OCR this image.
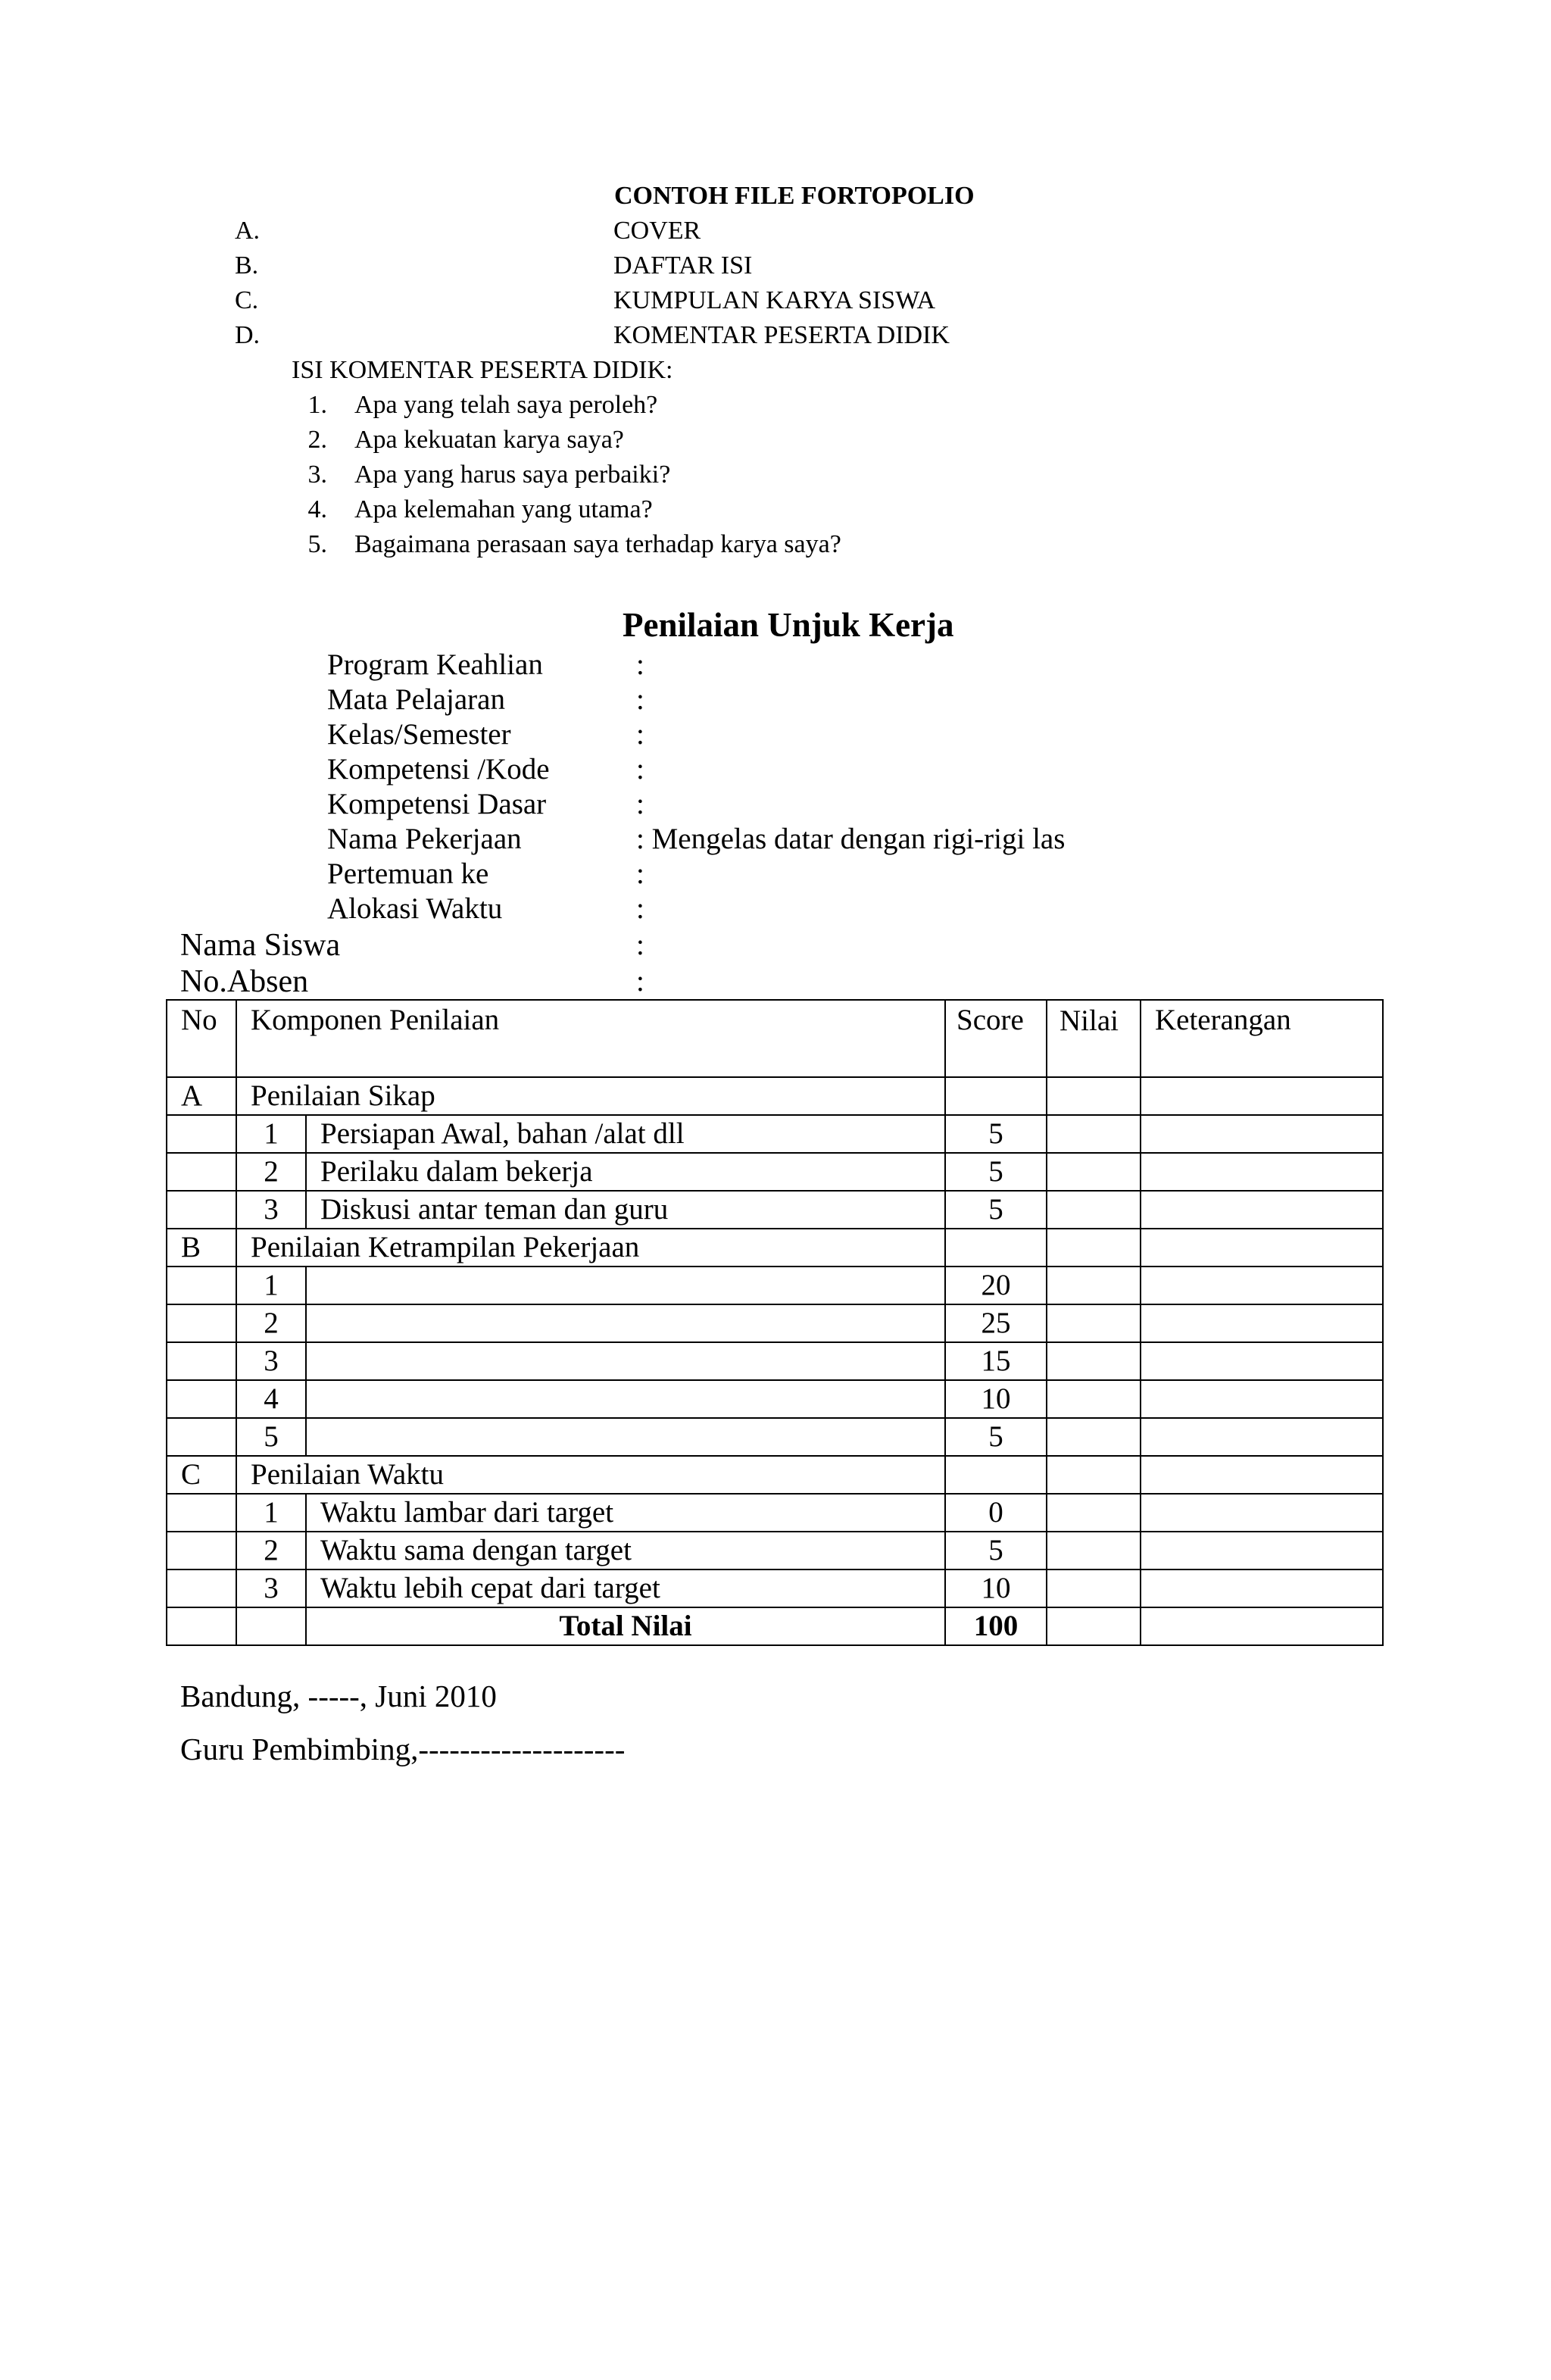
CONTOH FILE FORTOPOLIO
A.	COVER
B.	DAFTAR ISI
C.	KUMPULAN KARYA SISWA
D.	KOMENTAR PESERTA DIDIK
ISI KOMENTAR PESERTA DIDIK:
1. Apa yang telah saya peroleh?
2. Apa kekuatan karya saya?
3. Apa yang harus saya perbaiki?
4. Apa kelemahan yang utama?
5. Bagaimana perasaan saya terhadap karya saya?
Penilaian Unjuk Kerja
Program Keahlian	:
Mata Pelajaran	:
Kelas/Semester	:
Kompetensi /Kode	:
Kompetensi Dasar	:
Nama Pekerjaan	: Mengelas datar dengan rigi-rigi las
Pertemuan ke	:
Alokasi Waktu	:
Nama Siswa	:
No.Absen	:
No	Komponen Penilaian		Score	Nilai	Keterangan
A	Penilaian Sikap				
	1	Persiapan Awal, bahan /alat dll	5		
	2	Perilaku dalam bekerja	5		
	3	Diskusi antar teman dan guru	5		
B	Penilaian Ketrampilan Pekerjaan				
	1		20		
	2		25		
	3		15		
	4		10		
	5		5		
C	Penilaian Waktu				
	1	Waktu lambar dari target	0		
	2	Waktu sama dengan target	5		
	3	Waktu lebih cepat dari target	10		
		Total Nilai	100		
Bandung, -----, Juni 2010
Guru Pembimbing,--------------------
